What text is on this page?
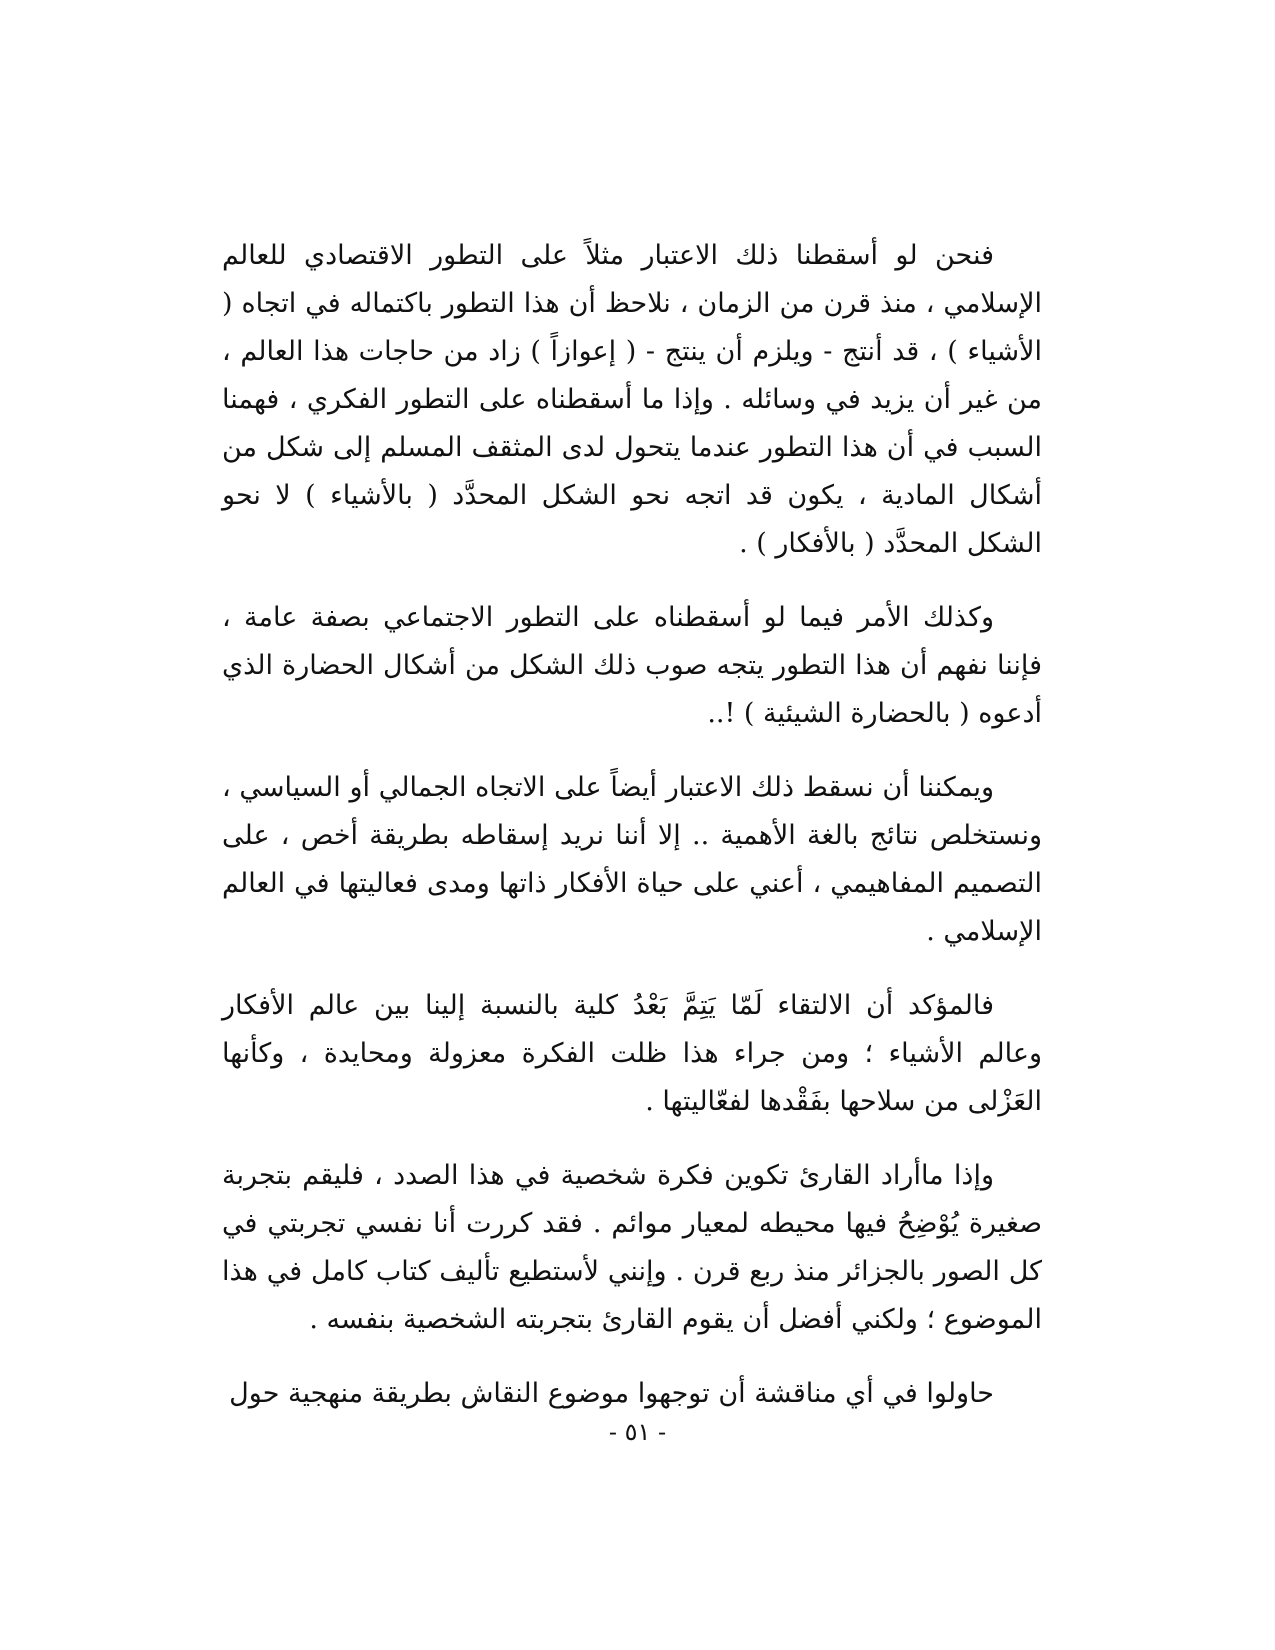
فنحن لو أسقطنا ذلك الاعتبار مثلاً على التطور الاقتصادي للعالم الإسلامي ، منذ قرن من الزمان ، نلاحظ أن هذا التطور باكتماله في اتجاه ( الأشياء ) ، قد أنتج - ويلزم أن ينتج - ( إعوازاً ) زاد من حاجات هذا العالم ، من غير أن يزيد في وسائله . وإذا ما أسقطناه على التطور الفكري ، فهمنا السبب في أن هذا التطور عندما يتحول لدى المثقف المسلم إلى شكل من أشكال المادية ، يكون قد اتجه نحو الشكل المحدَّد ( بالأشياء ) لا نحو الشكل المحدَّد ( بالأفكار ) .

وكذلك الأمر فيما لو أسقطناه على التطور الاجتماعي بصفة عامة ، فإننا نفهم أن هذا التطور يتجه صوب ذلك الشكل من أشكال الحضارة الذي أدعوه ( بالحضارة الشيئية ) !..

ويمكننا أن نسقط ذلك الاعتبار أيضاً على الاتجاه الجمالي أو السياسي ، ونستخلص نتائج بالغة الأهمية .. إلا أننا نريد إسقاطه بطريقة أخص ، على التصميم المفاهيمي ، أعني على حياة الأفكار ذاتها ومدى فعاليتها في العالم الإسلامي .

فالمؤكد أن الالتقاء لَمّا يَتِمَّ بَعْدُ كلية بالنسبة إلينا بين عالم الأفكار وعالم الأشياء ؛ ومن جراء هذا ظلت الفكرة معزولة ومحايدة ، وكأنها العَزْلى من سلاحها بفَقْدها لفعّاليتها .

وإذا ماأراد القارئ تكوين فكرة شخصية في هذا الصدد ، فليقم بتجربة صغيرة يُوْضِحُ فيها محيطه لمعيار موائم . فقد كررت أنا نفسي تجربتي في كل الصور بالجزائر منذ ربع قرن . وإنني لأستطيع تأليف كتاب كامل في هذا الموضوع ؛ ولكني أفضل أن يقوم القارئ بتجربته الشخصية بنفسه .

حاولوا في أي مناقشة أن توجهوا موضوع النقاش بطريقة منهجية حول

- ٥١ -
